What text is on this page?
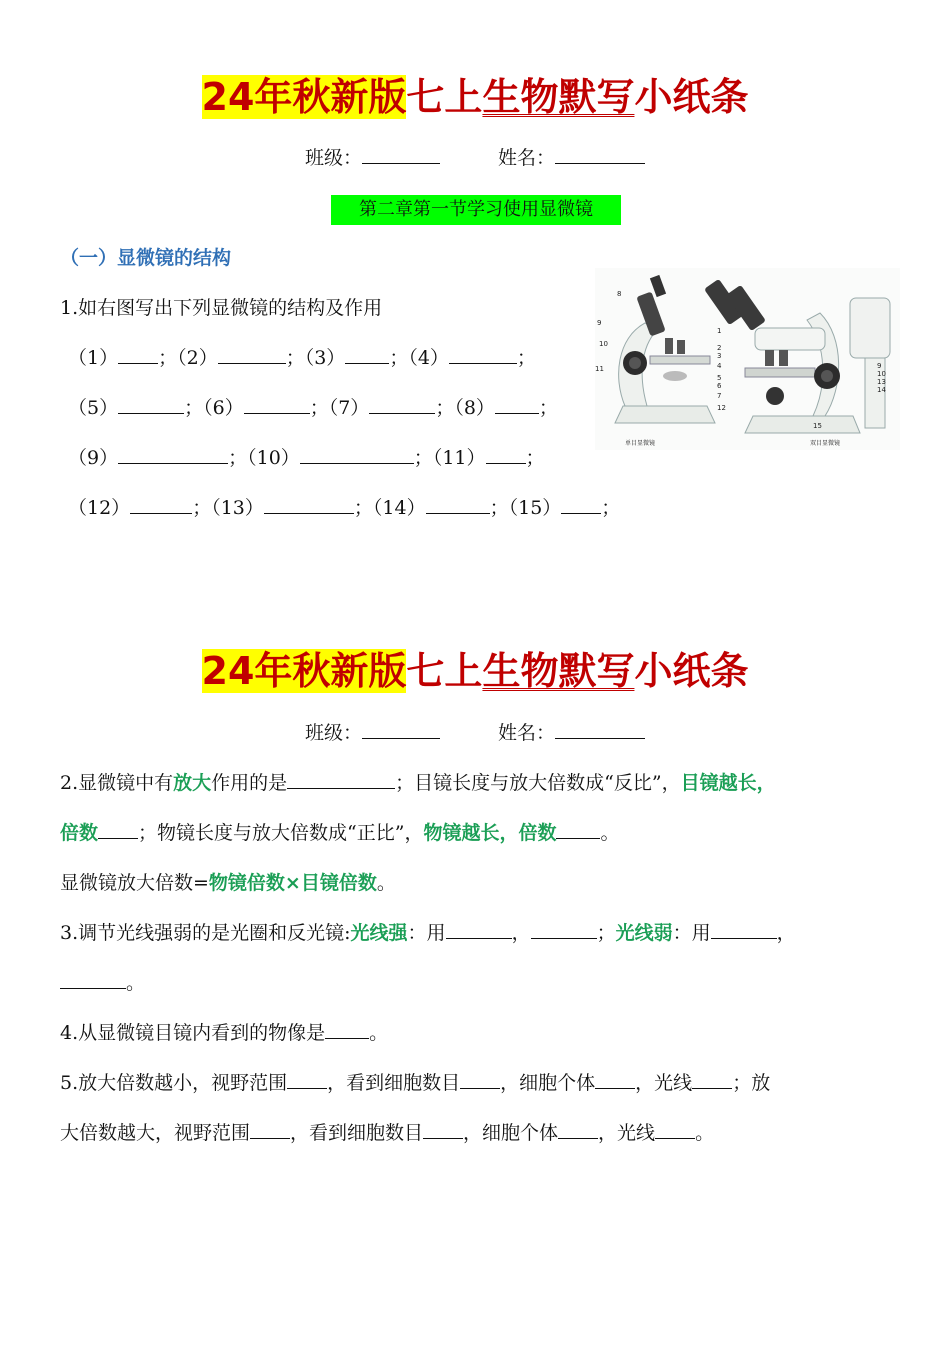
24年秋新版七上生物默写小纸条
班级：	姓名：
第二章第一节学习使用显微镜
（一）显微镜的结构
1.如右图写出下列显微镜的结构及作用
（1） ；（2）	；（3） ；（4）	；
（5）	；（6）	；（7）	；（8） ；
（9）	；（10）	；（11） ；
（12）	；（13）	；（14）	；（15） ；
8
9
10
11
1
2
3
4
5
6
7
12
9
10
13
14
15
单目显微镜	双目显微镜
24年秋新版七上生物默写小纸条
班级：	姓名：
2.显微镜中有放大作用的是	；目镜长度与放大倍数成“反比”，目镜越长，
倍数 ；物镜长度与放大倍数成“正比”，物镜越长，倍数 。
显微镜放大倍数=物镜倍数×目镜倍数。
3.调节光线强弱的是光圈和反光镜:光线强：用	，	；光线弱：用	，
。
4.从显微镜目镜内看到的物像是 。
5.放大倍数越小，视野范围 ，看到细胞数目 ，细胞个体 ，光线 ；放
大倍数越大，视野范围 ，看到细胞数目 ，细胞个体 ，光线 。
